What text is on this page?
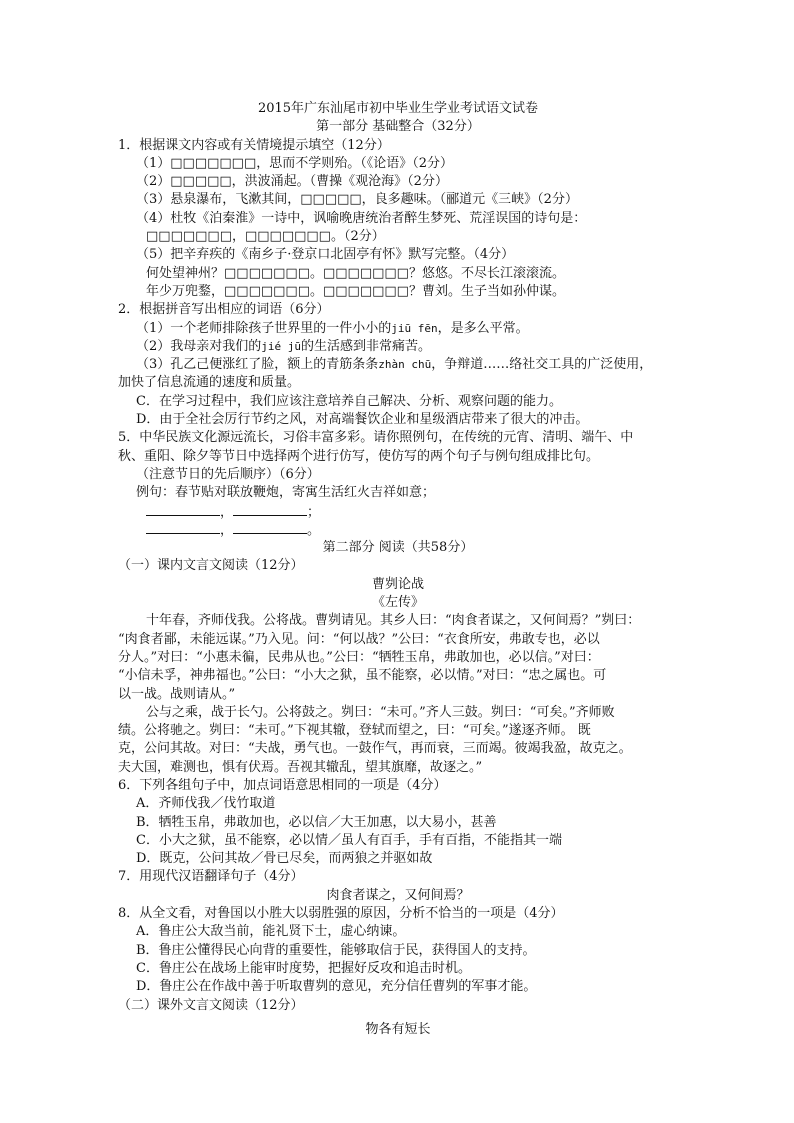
2015年广东汕尾市初中毕业生学业考试语文试卷
第一部分 基础整合（32分）
1．根据课文内容或有关情境提示填空（12分）
（1）□□□□□□□，思而不学则殆。（《论语》（2分）
（2）□□□□□，洪波涌起。（曹操《观沧海》（2分）
（3）悬泉瀑布，飞漱其间，□□□□□，良多趣味。（郦道元《三峡》（2分）
（4）杜牧《泊秦淮》一诗中，讽喻晚唐统治者醉生梦死、荒淫误国的诗句是：
□□□□□□□，□□□□□□□。（2分）
（5）把辛弃疾的《南乡子·登京口北固亭有怀》默写完整。（4分）
何处望神州？□□□□□□□。□□□□□□□？悠悠。不尽长江滚滚流。
年少万兜鍪，□□□□□□□。□□□□□□□？曹刘。生子当如孙仲谋。
2．根据拼音写出相应的词语（6分）
（1）一个老师排除孩子世界里的一件小小的jiū fēn，是多么平常。
（2）我母亲对我们的jié jū的生活感到非常痛苦。
（3）孔乙己便涨红了脸，额上的青筋条条zhàn chū，争辩道……络社交工具的广泛使用，
加快了信息流通的速度和质量。
C．在学习过程中，我们应该注意培养自己解决、分析、观察问题的能力。
D．由于全社会厉行节约之风，对高端餐饮企业和星级酒店带来了很大的冲击。
5．中华民族文化源远流长，习俗丰富多彩。请你照例句，在传统的元宵、清明、端午、中
秋、重阳、除夕等节日中选择两个进行仿写，使仿写的两个句子与例句组成排比句。
（注意节日的先后顺序）（6分）
例句：春节贴对联放鞭炮，寄寓生活红火吉祥如意；
，	；
，	。
第二部分 阅读（共58分）
（一）课内文言文阅读（12分）
曹刿论战
《左传》
十年春，齐师伐我。公将战。曹刿请见。其乡人曰：“肉食者谋之，又何间焉？”刿曰：
“肉食者鄙，未能远谋。”乃入见。问：“何以战？”公曰：“衣食所安，弗敢专也，必以
分人。”对曰：“小惠未徧，民弗从也。”公曰：“牺牲玉帛，弗敢加也，必以信。”对曰：
“小信未孚，神弗福也。”公曰：“小大之狱，虽不能察，必以情。”对曰：“忠之属也。可
以一战。战则请从。”
公与之乘，战于长勺。公将鼓之。刿曰：“未可。”齐人三鼓。刿曰：“可矣。”齐师败
绩。公将驰之。刿曰：“未可。”下视其辙，登轼而望之，曰：“可矣。”遂逐齐师。 既
克，公问其故。对曰：“夫战，勇气也。一鼓作气，再而衰，三而竭。彼竭我盈，故克之。
夫大国，难测也，惧有伏焉。吾视其辙乱，望其旗靡，故逐之。”
6．下列各组句子中，加点词语意思相同的一项是（4分）
A．齐师伐我／伐竹取道
B．牺牲玉帛，弗敢加也，必以信／大王加惠，以大易小，甚善
C．小大之狱，虽不能察，必以情／虽人有百手，手有百指，不能指其一端
D．既克，公问其故／骨已尽矣，而两狼之并驱如故
7．用现代汉语翻译句子（4分）
肉食者谋之，又何间焉？
8．从全文看，对鲁国以小胜大以弱胜强的原因，分析不恰当的一项是（4分）
A．鲁庄公大敌当前，能礼贤下士，虚心纳谏。
B．鲁庄公懂得民心向背的重要性，能够取信于民，获得国人的支持。
C．鲁庄公在战场上能审时度势，把握好反攻和追击时机。
D．鲁庄公在作战中善于听取曹刿的意见，充分信任曹刿的军事才能。
（二）课外文言文阅读（12分）
物各有短长
